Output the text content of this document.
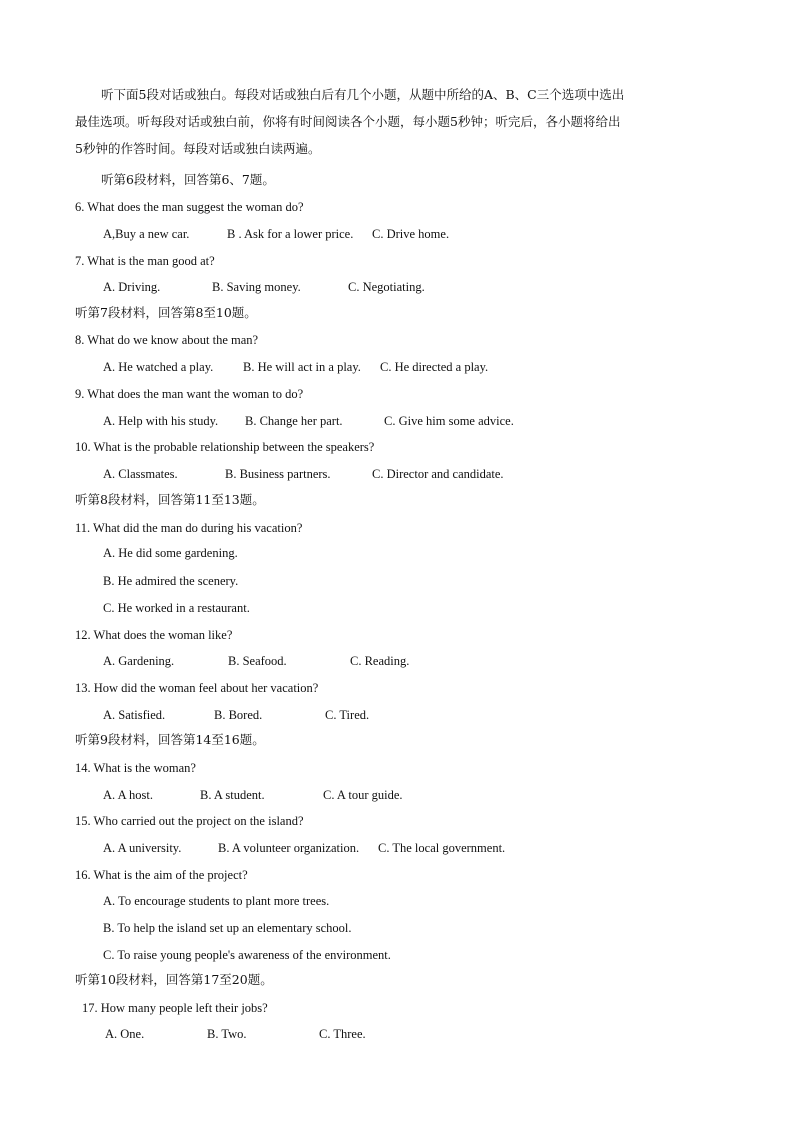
听下面5段对话或独白。每段对话或独白后有几个小题，从题中所给的A、B、C三个选项中选出
最佳选项。听每段对话或独白前，你将有时间阅读各个小题，每小题5秒钟；听完后，各小题将给出
5秒钟的作答时间。每段对话或独白读两遍。
听第6段材料，回答第6、7题。
6. What does the man suggest the woman do?
A,Buy a new car.	B . Ask for a lower price. C. Drive home.
7. What is the man good at?
A. Driving.	B. Saving money.	C. Negotiating.
听第7段材料，回答第8至10题。
8. What do we know about the man?
A. He watched a play. B. He will act in a play. C. He directed a play.
9. What does the man want the woman to do?
A. Help with his study. B. Change her part.	C. Give him some advice.
10. What is the probable relationship between the speakers?
A. Classmates.	B. Business partners.	C. Director and candidate.
听第8段材料，回答第11至13题。
11. What did the man do during his vacation?
A. He did some gardening.
B. He admired the scenery.
C. He worked in a restaurant.
12. What does the woman like?
A. Gardening.	B. Seafood.	C. Reading.
13. How did the woman feel about her vacation?
A. Satisfied.	B. Bored.	C. Tired.
听第9段材料，回答第14至16题。
14. What is the woman?
A. A host.	B. A student.	C. A tour guide.
15. Who carried out the project on the island?
A. A university.	B. A volunteer organization. C. The local government.
16. What is the aim of the project?
A. To encourage students to plant more trees.
B. To help the island set up an elementary school.
C. To raise young people's awareness of the environment.
听第10段材料，回答第17至20题。
17. How many people left their jobs?
A. One.	B. Two.	C. Three.
